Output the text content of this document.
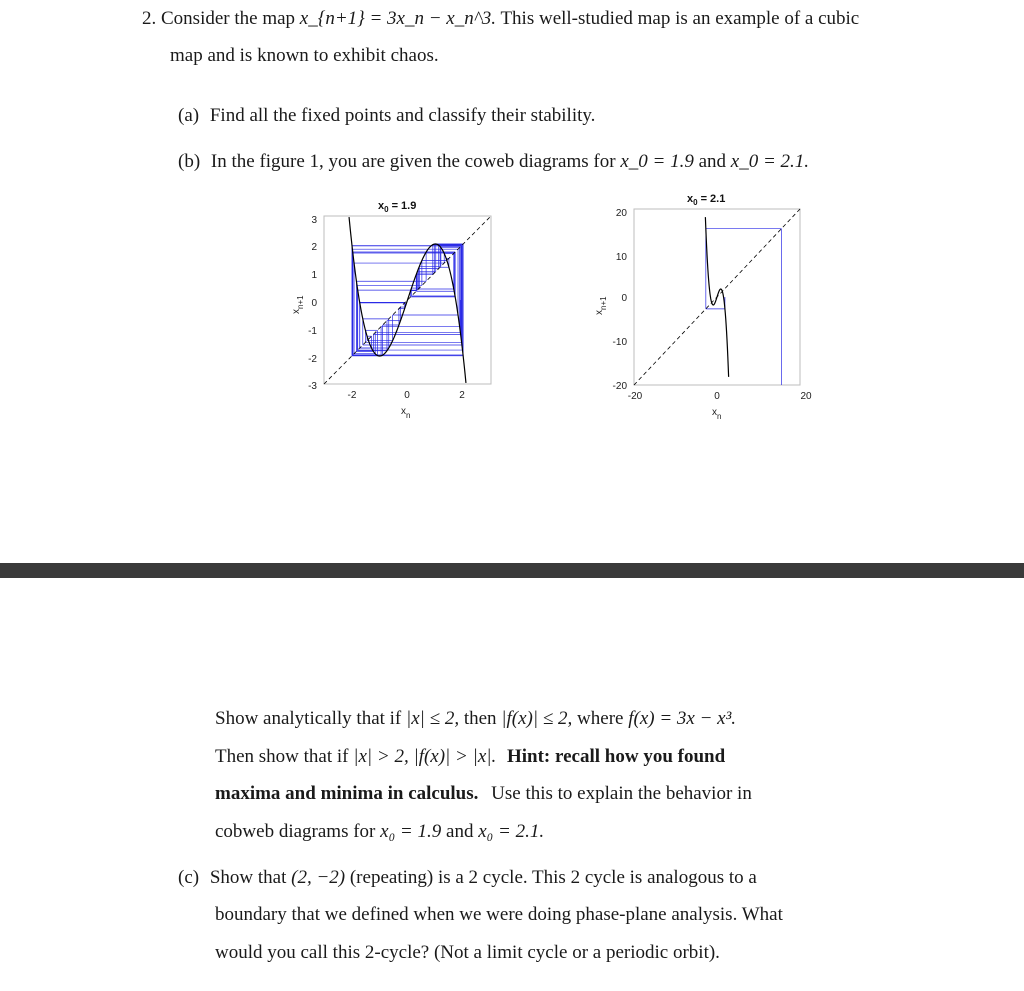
2. Consider the map x_{n+1} = 3x_n − x_n^3. This well-studied map is an example of a cubic
map and is known to exhibit chaos.
(a) Find all the fixed points and classify their stability.
(b) In the figure 1, you are given the coweb diagrams for x_0 = 1.9 and x_0 = 2.1.
$x_0 = 1.9$
3
2
1
0
-1
-2
-3
-2	0	2
$x_n$
$x_{n+1}$
$x_0 = 2.1$
20
10
0
-10
-20
-20	0	20
$x_n$
$x_{n+1}$
Show analytically that if |x| ≤ 2, then |f(x)| ≤ 2, where f(x) = 3x − x³.
Then show that if |x| > 2, |f(x)| > |x|. Hint: recall how you found
maxima and minima in calculus. Use this to explain the behavior in
cobweb diagrams for x₀ = 1.9 and x₀ = 2.1.
(c) Show that (2, −2) (repeating) is a 2 cycle. This 2 cycle is analogous to a
boundary that we defined when we were doing phase-plane analysis. What
would you call this 2-cycle? (Not a limit cycle or a periodic orbit).
